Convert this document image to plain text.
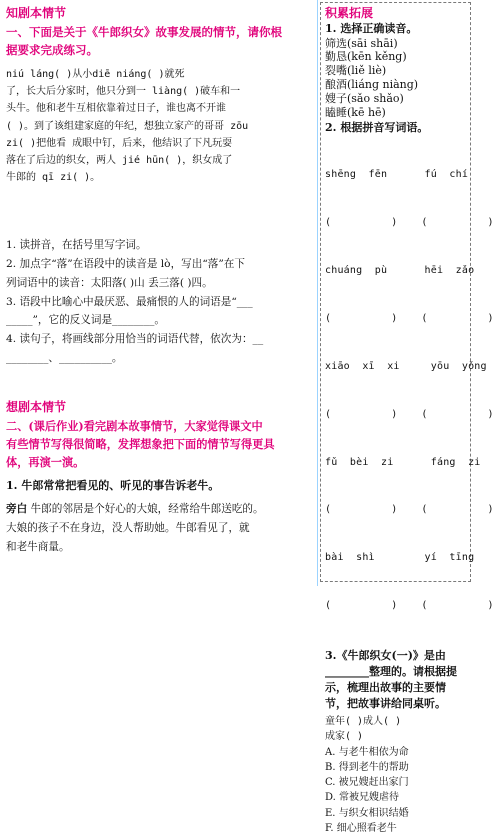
知剧本情节
一、下面是关于《牛郎织女》故事发展的情节，请你根
据要求完成练习。
niú láng( )从小diē niáng( )就死
了，长大后分家时，他只分到一 liàng( )破车和一
头牛。他和老牛互相依靠着过日子，谁也离不开谁
( )。到了该组建家庭的年纪，想独立家产的哥哥 zōu
zi( )把他看 成眼中钉，后来，他结识了下凡玩耍
落在了后边的织女，两人 jié hūn( )，织女成了
牛郎的 qī zi( )。
1. 读拼音，在括号里写字词。
2. 加点字“落”在语段中的读音是 lò，写出“落”在下
列词语中的读音：太阳落( )山 丢三落( )四。
3. 语段中比喻心中最厌恶、最痛恨的人的词语是“___
_____”，它的反义词是________。
4. 读句子，将画线部分用恰当的词语代替，依次为：__
________、__________。
想剧本情节
二、(课后作业)看完剧本故事情节，大家觉得课文中
有些情节写得很简略，发挥想象把下面的情节写得更具
体，再演一演。
1. 牛郎常常把看见的、听见的事告诉老牛。
旁白 牛郎的邻居是个好心的大娘，经常给牛郎送吃的。
大娘的孩子不在身边，没人帮助她。牛郎看见了，就
和老牛商量。
积累拓展
1. 选择正确读音。
筛选(sāi shāi)
勤恳(kēn kěng)
裂嘴(liě liè)
酿酒(liáng niàng)
嫂子(sǎo shǎo)
瞌睡(kē hē)
2. 根据拼音写词语。

shēng  fēn      fú  chí

(          )    (          )

chuáng  pù      hēi  zǎo

(          )    (          )

xiāo  xī  xi     yōu  yǒng

(          )    (          )

fǔ  bèi  zi      fáng  zi

(          )    (          )

bài  shì        yí  tīng

(          )    (          )

3.《牛郎织女(一)》是由
________整理的。请根据提
示，梳理出故事的主要情
节，把故事讲给同桌听。
童年( )成人( )
成家( )
A. 与老牛相依为命
B. 得到老牛的帮助
C. 被兄嫂赶出家门
D. 常被兄嫂虐待
E. 与织女相识结婚
F. 细心照看老牛
